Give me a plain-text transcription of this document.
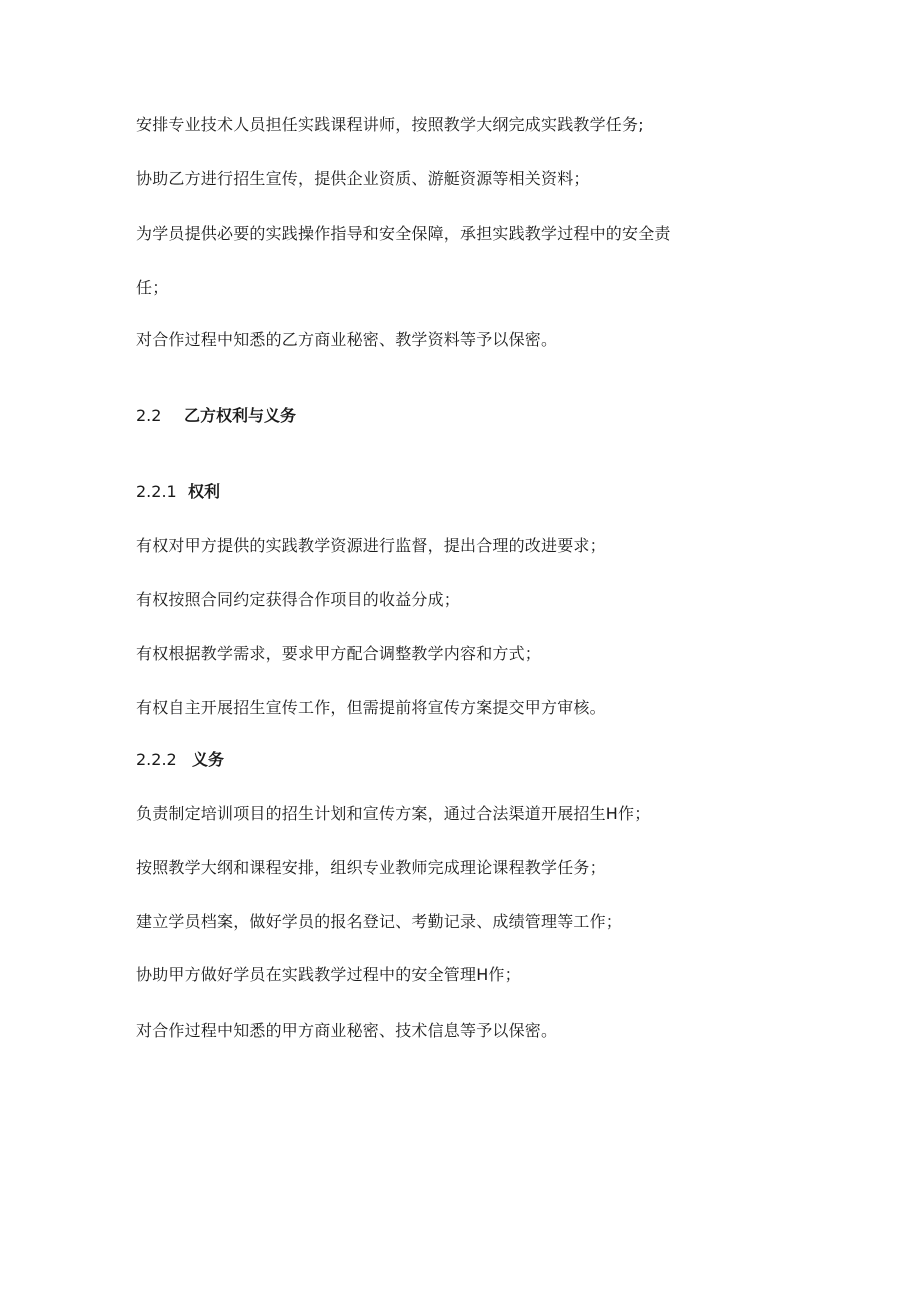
安排专业技术人员担任实践课程讲师，按照教学大纲完成实践教学任务;
协助乙方进行招生宣传，提供企业资质、游艇资源等相关资料；
为学员提供必要的实践操作指导和安全保障，承担实践教学过程中的安全责
任；
对合作过程中知悉的乙方商业秘密、教学资料等予以保密。
2.2 乙方权利与义务
2.2.1 权利
有权对甲方提供的实践教学资源进行监督，提出合理的改进要求；
有权按照合同约定获得合作项目的收益分成；
有权根据教学需求，要求甲方配合调整教学内容和方式；
有权自主开展招生宣传工作，但需提前将宣传方案提交甲方审核。
2.2.2 义务
负责制定培训项目的招生计划和宣传方案，通过合法渠道开展招生H作；
按照教学大纲和课程安排，组织专业教师完成理论课程教学任务；
建立学员档案，做好学员的报名登记、考勤记录、成绩管理等工作；
协助甲方做好学员在实践教学过程中的安全管理H作；
对合作过程中知悉的甲方商业秘密、技术信息等予以保密。
